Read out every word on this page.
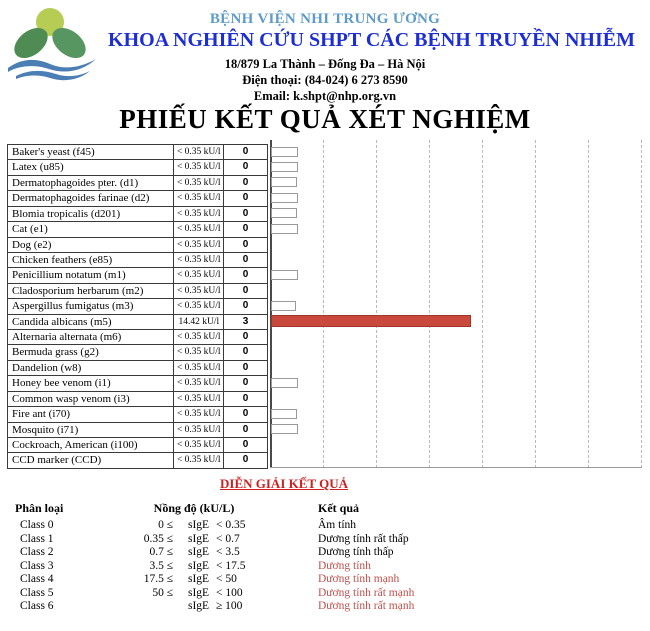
BỆNH VIỆN NHI TRUNG ƯƠNG
KHOA NGHIÊN CỨU SHPT CÁC BỆNH TRUYỀN NHIỄM
18/879 La Thành – Đống Đa – Hà Nội
Điện thoại: (84-024) 6 273 8590
Email: k.shpt@nhp.org.vn
PHIẾU KẾT QUẢ XÉT NGHIỆM
Baker's yeast (f45)	< 0.35 kU/l	0
Latex (u85)	< 0.35 kU/l	0
Dermatophagoides pter. (d1)	< 0.35 kU/l	0
Dermatophagoides farinae (d2)	< 0.35 kU/l	0
Blomia tropicalis (d201)	< 0.35 kU/l	0
Cat (e1)	< 0.35 kU/l	0
Dog (e2)	< 0.35 kU/l	0
Chicken feathers (e85)	< 0.35 kU/l	0
Penicillium notatum (m1)	< 0.35 kU/l	0
Cladosporium herbarum (m2)	< 0.35 kU/l	0
Aspergillus fumigatus (m3)	< 0.35 kU/l	0
Candida albicans (m5)	14.42 kU/l	3
Alternaria alternata (m6)	< 0.35 kU/l	0
Bermuda grass (g2)	< 0.35 kU/l	0
Dandelion (w8)	< 0.35 kU/l	0
Honey bee venom (i1)	< 0.35 kU/l	0
Common wasp venom (i3)	< 0.35 kU/l	0
Fire ant (i70)	< 0.35 kU/l	0
Mosquito (i71)	< 0.35 kU/l	0
Cockroach, American (i100)	< 0.35 kU/l	0
CCD marker (CCD)	< 0.35 kU/l	0
DIỄN GIẢI KẾT QUẢ
Phân loại	Nồng độ (kU/L)	Kết quả
Class 0	0 ≤ sIgE < 0.35	Âm tính
Class 1	0.35 ≤ sIgE < 0.7	Dương tính rất thấp
Class 2	0.7 ≤ sIgE < 3.5	Dương tính thấp
Class 3	3.5 ≤ sIgE < 17.5	Dương tính
Class 4	17.5 ≤ sIgE < 50	Dương tính mạnh
Class 5	50 ≤ sIgE < 100	Dương tính rất mạnh
Class 6	sIgE ≥ 100	Dương tính rất mạnh
